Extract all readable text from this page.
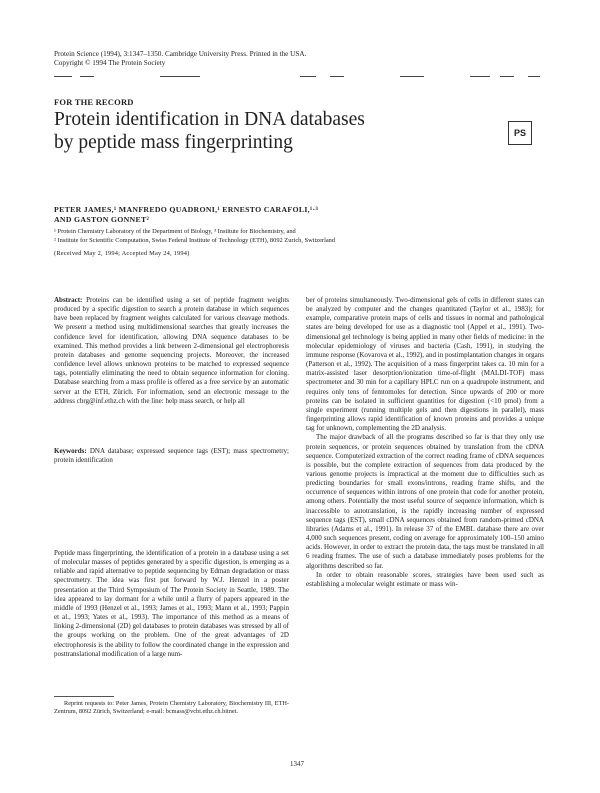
Protein Science (1994), 3:1347–1350. Cambridge University Press. Printed in the USA.
Copyright © 1994 The Protein Society
FOR THE RECORD
Protein identification in DNA databases
by peptide mass fingerprinting	PS
PETER JAMES,¹ MANFREDO QUADRONI,¹ ERNESTO CARAFOLI,¹·³
AND GASTON GONNET²
¹ Protein Chemistry Laboratory of the Department of Biology, ³ Institute for Biochemistry, and
² Institute for Scientific Computation, Swiss Federal Institute of Technology (ETH), 8092 Zurich, Switzerland
(Received May 2, 1994; Accepted May 24, 1994)

Abstract: Proteins can be identified using a set of peptide fragment weights produced by a specific digestion to search a protein database in which sequences have been replaced by fragment weights calculated for various cleavage methods. We present a method using multidimensional searches that greatly increases the confidence level for identification, allowing DNA sequence databases to be examined. This method provides a link between 2-dimensional gel electrophoresis protein databases and genome sequencing projects. Moreover, the increased confidence level allows unknown proteins to be matched to expressed sequence tags, potentially eliminating the need to obtain sequence information for cloning. Database searching from a mass profile is offered as a free service by an automatic server at the ETH, Zürich. For information, send an electronic message to the address cbrg@inf.ethz.ch with the line: help mass search, or help all

Keywords: DNA database; expressed sequence tags (EST); mass spectrometry; protein identification

Peptide mass fingerprinting, the identification of a protein in a database using a set of molecular masses of peptides generated by a specific digestion, is emerging as a reliable and rapid alternative to peptide sequencing by Edman degradation or mass spectrometry. The idea was first put forward by W.J. Henzel in a poster presentation at the Third Symposium of The Protein Society in Seattle, 1989. The idea appeared to lay dormant for a while until a flurry of papers appeared in the middle of 1993 (Henzel et al., 1993; James et al., 1993; Mann et al., 1993; Pappin et al., 1993; Yates et al., 1993). The importance of this method as a means of linking 2-dimensional (2D) gel databases to protein databases was stressed by all of the groups working on the problem. One of the great advantages of 2D electrophoresis is the ability to follow the coordinated change in the expression and posttranslational modification of a large num-

Reprint requests to: Peter James, Protein Chemistry Laboratory, Biochemistry III, ETH-Zentrum, 8092 Zürich, Switzerland; e-mail: bcmass@vcbi.ethz.ch.bitnet.

ber of proteins simultaneously. Two-dimensional gels of cells in different states can be analyzed by computer and the changes quantitated (Taylor et al., 1983); for example, comparative protein maps of cells and tissues in normal and pathological states are being developed for use as a diagnostic tool (Appel et al., 1991). Two-dimensional gel technology is being applied in many other fields of medicine: in the molecular epidemiology of viruses and bacteria (Cash, 1991), in studying the immune response (Kovarova et al., 1992), and in postimplantation changes in organs (Patterson et al., 1992). The acquisition of a mass fingerprint takes ca. 10 min for a matrix-assisted laser desorption/ionization time-of-flight (MALDI-TOF) mass spectrometer and 30 min for a capillary HPLC run on a quadrupole instrument, and requires only tens of femtomoles for detection. Since upwards of 200 or more proteins can be isolated in sufficient quantities for digestion (<10 pmol) from a single experiment (running multiple gels and then digestions in parallel), mass fingerprinting allows rapid identification of known proteins and provides a unique tag for unknown, complementing the 2D analysis.

The major drawback of all the programs described so far is that they only use protein sequences, or protein sequences obtained by translation from the cDNA sequence. Computerized extraction of the correct reading frame of cDNA sequences is possible, but the complete extraction of sequences from data produced by the various genome projects is impractical at the moment due to difficulties such as predicting boundaries for small exons/introns, reading frame shifts, and the occurrence of sequences within introns of one protein that code for another protein, among others. Potentially the most useful source of sequence information, which is inaccessible to autotranslation, is the rapidly increasing number of expressed sequence tags (EST), small cDNA sequences obtained from random-primed cDNA libraries (Adams et al., 1991). In release 37 of the EMBL database there are over 4,000 such sequences present, coding on average for approximately 100–150 amino acids. However, in order to extract the protein data, the tags must be translated in all 6 reading frames. The use of such a database immediately poses problems for the algorithms described so far.

In order to obtain reasonable scores, strategies have been used such as establishing a molecular weight estimate or mass win-

1347
